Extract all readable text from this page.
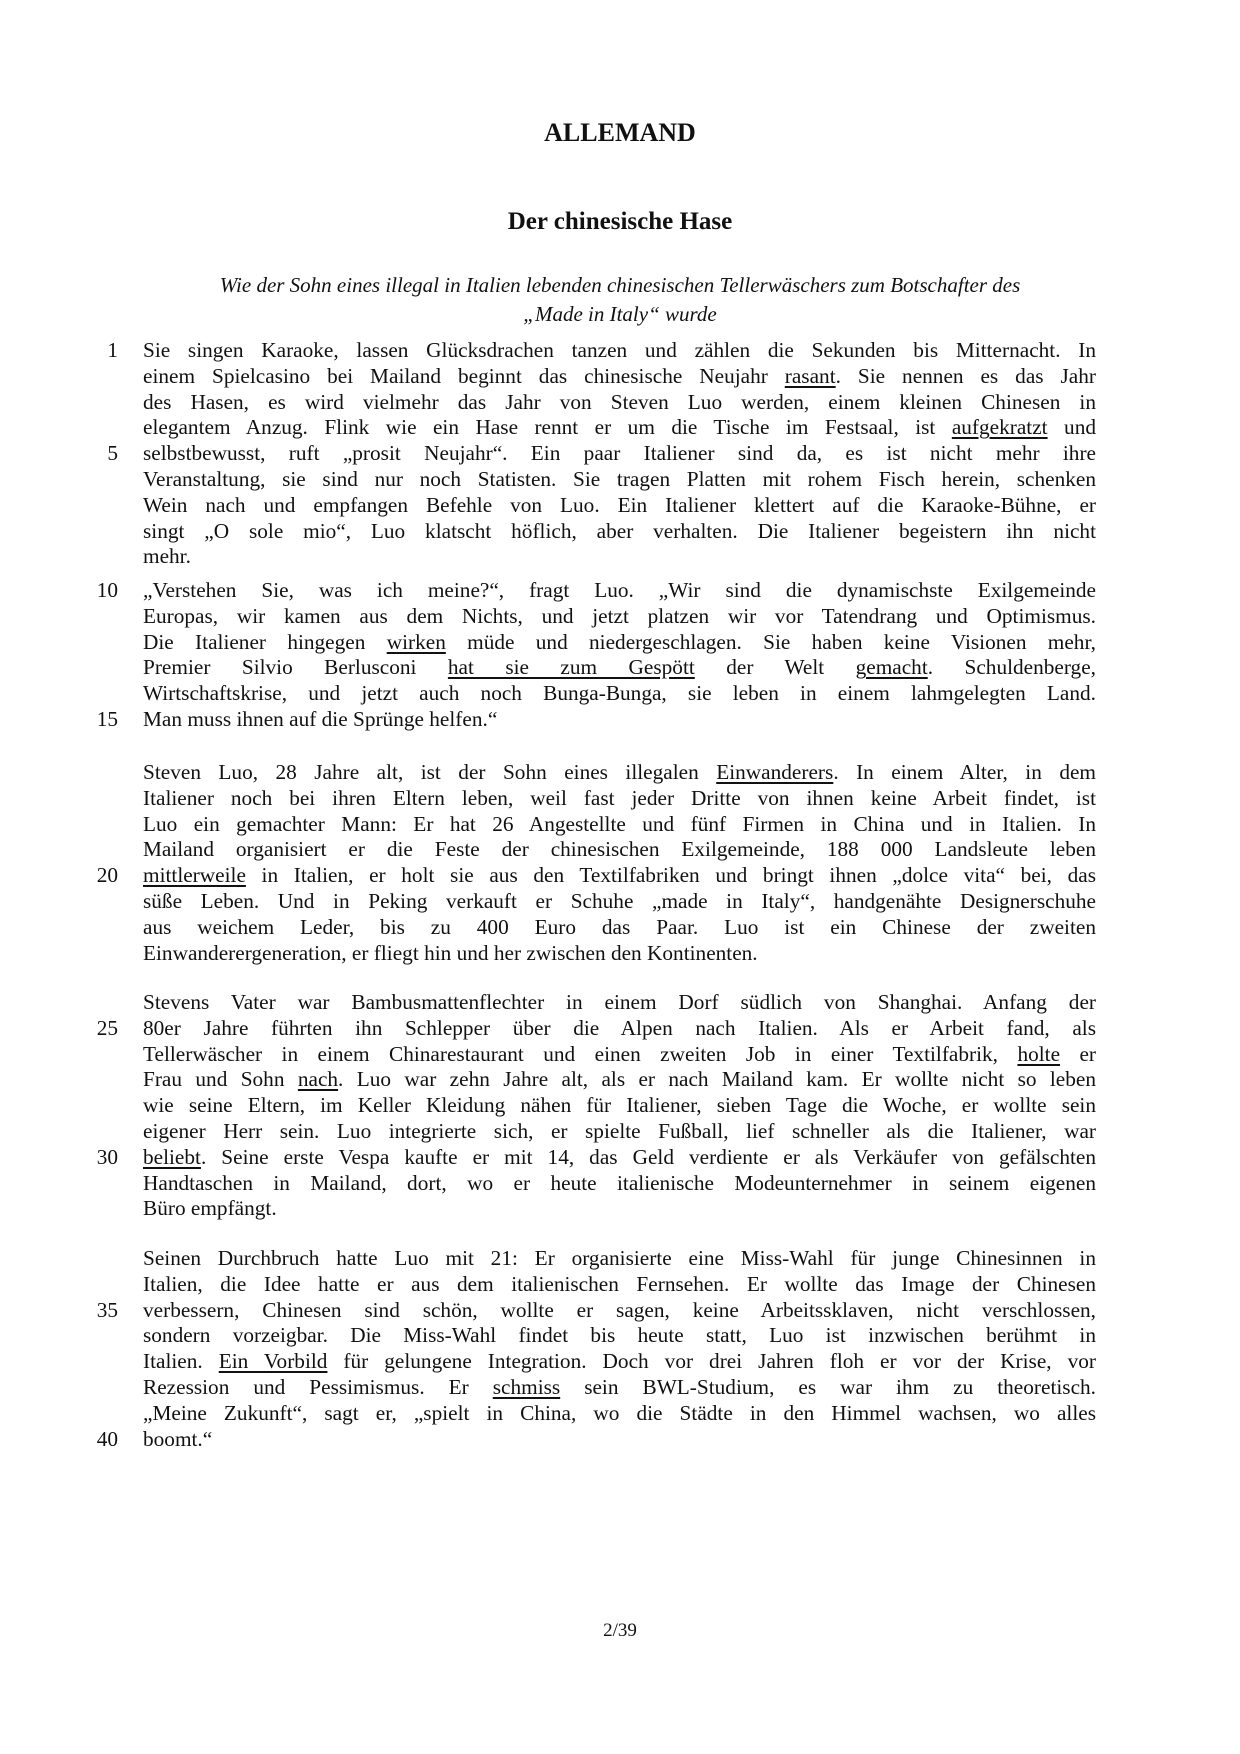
ALLEMAND
Der chinesische Hase
Wie der Sohn eines illegal in Italien lebenden chinesischen Tellerwäschers zum Botschafter des
„Made in Italy“ wurde
Sie singen Karaoke, lassen Glücksdrachen tanzen und zählen die Sekunden bis Mitternacht. In
einem Spielcasino bei Mailand beginnt das chinesische Neujahr rasant. Sie nennen es das Jahr
des Hasen, es wird vielmehr das Jahr von Steven Luo werden, einem kleinen Chinesen in
elegantem Anzug. Flink wie ein Hase rennt er um die Tische im Festsaal, ist aufgekratzt und
selbstbewusst, ruft „prosit Neujahr“. Ein paar Italiener sind da, es ist nicht mehr ihre
Veranstaltung, sie sind nur noch Statisten. Sie tragen Platten mit rohem Fisch herein, schenken
Wein nach und empfangen Befehle von Luo. Ein Italiener klettert auf die Karaoke-Bühne, er
singt „O sole mio“, Luo klatscht höflich, aber verhalten. Die Italiener begeistern ihn nicht
mehr.
„Verstehen Sie, was ich meine?“, fragt Luo. „Wir sind die dynamischste Exilgemeinde
Europas, wir kamen aus dem Nichts, und jetzt platzen wir vor Tatendrang und Optimismus.
Die Italiener hingegen wirken müde und niedergeschlagen. Sie haben keine Visionen mehr,
Premier Silvio Berlusconi hat sie zum Gespött der Welt gemacht. Schuldenberge,
Wirtschaftskrise, und jetzt auch noch Bunga-Bunga, sie leben in einem lahmgelegten Land.
Man muss ihnen auf die Sprünge helfen.“
Steven Luo, 28 Jahre alt, ist der Sohn eines illegalen Einwanderers. In einem Alter, in dem
Italiener noch bei ihren Eltern leben, weil fast jeder Dritte von ihnen keine Arbeit findet, ist
Luo ein gemachter Mann: Er hat 26 Angestellte und fünf Firmen in China und in Italien. In
Mailand organisiert er die Feste der chinesischen Exilgemeinde, 188 000 Landsleute leben
mittlerweile in Italien, er holt sie aus den Textilfabriken und bringt ihnen „dolce vita“ bei, das
süße Leben. Und in Peking verkauft er Schuhe „made in Italy“, handgenähte Designerschuhe
aus weichem Leder, bis zu 400 Euro das Paar. Luo ist ein Chinese der zweiten
Einwanderergeneration, er fliegt hin und her zwischen den Kontinenten.
Stevens Vater war Bambusmattenflechter in einem Dorf südlich von Shanghai. Anfang der
80er Jahre führten ihn Schlepper über die Alpen nach Italien. Als er Arbeit fand, als
Tellerwäscher in einem Chinarestaurant und einen zweiten Job in einer Textilfabrik, holte er
Frau und Sohn nach. Luo war zehn Jahre alt, als er nach Mailand kam. Er wollte nicht so leben
wie seine Eltern, im Keller Kleidung nähen für Italiener, sieben Tage die Woche, er wollte sein
eigener Herr sein. Luo integrierte sich, er spielte Fußball, lief schneller als die Italiener, war
beliebt. Seine erste Vespa kaufte er mit 14, das Geld verdiente er als Verkäufer von gefälschten
Handtaschen in Mailand, dort, wo er heute italienische Modeunternehmer in seinem eigenen
Büro empfängt.
Seinen Durchbruch hatte Luo mit 21: Er organisierte eine Miss-Wahl für junge Chinesinnen in
Italien, die Idee hatte er aus dem italienischen Fernsehen. Er wollte das Image der Chinesen
verbessern, Chinesen sind schön, wollte er sagen, keine Arbeitssklaven, nicht verschlossen,
sondern vorzeigbar. Die Miss-Wahl findet bis heute statt, Luo ist inzwischen berühmt in
Italien. Ein Vorbild für gelungene Integration. Doch vor drei Jahren floh er vor der Krise, vor
Rezession und Pessimismus. Er schmiss sein BWL-Studium, es war ihm zu theoretisch.
„Meine Zukunft“, sagt er, „spielt in China, wo die Städte in den Himmel wachsen, wo alles
boomt.“
1
5
10
15
20
25
30
35
40
2/39
